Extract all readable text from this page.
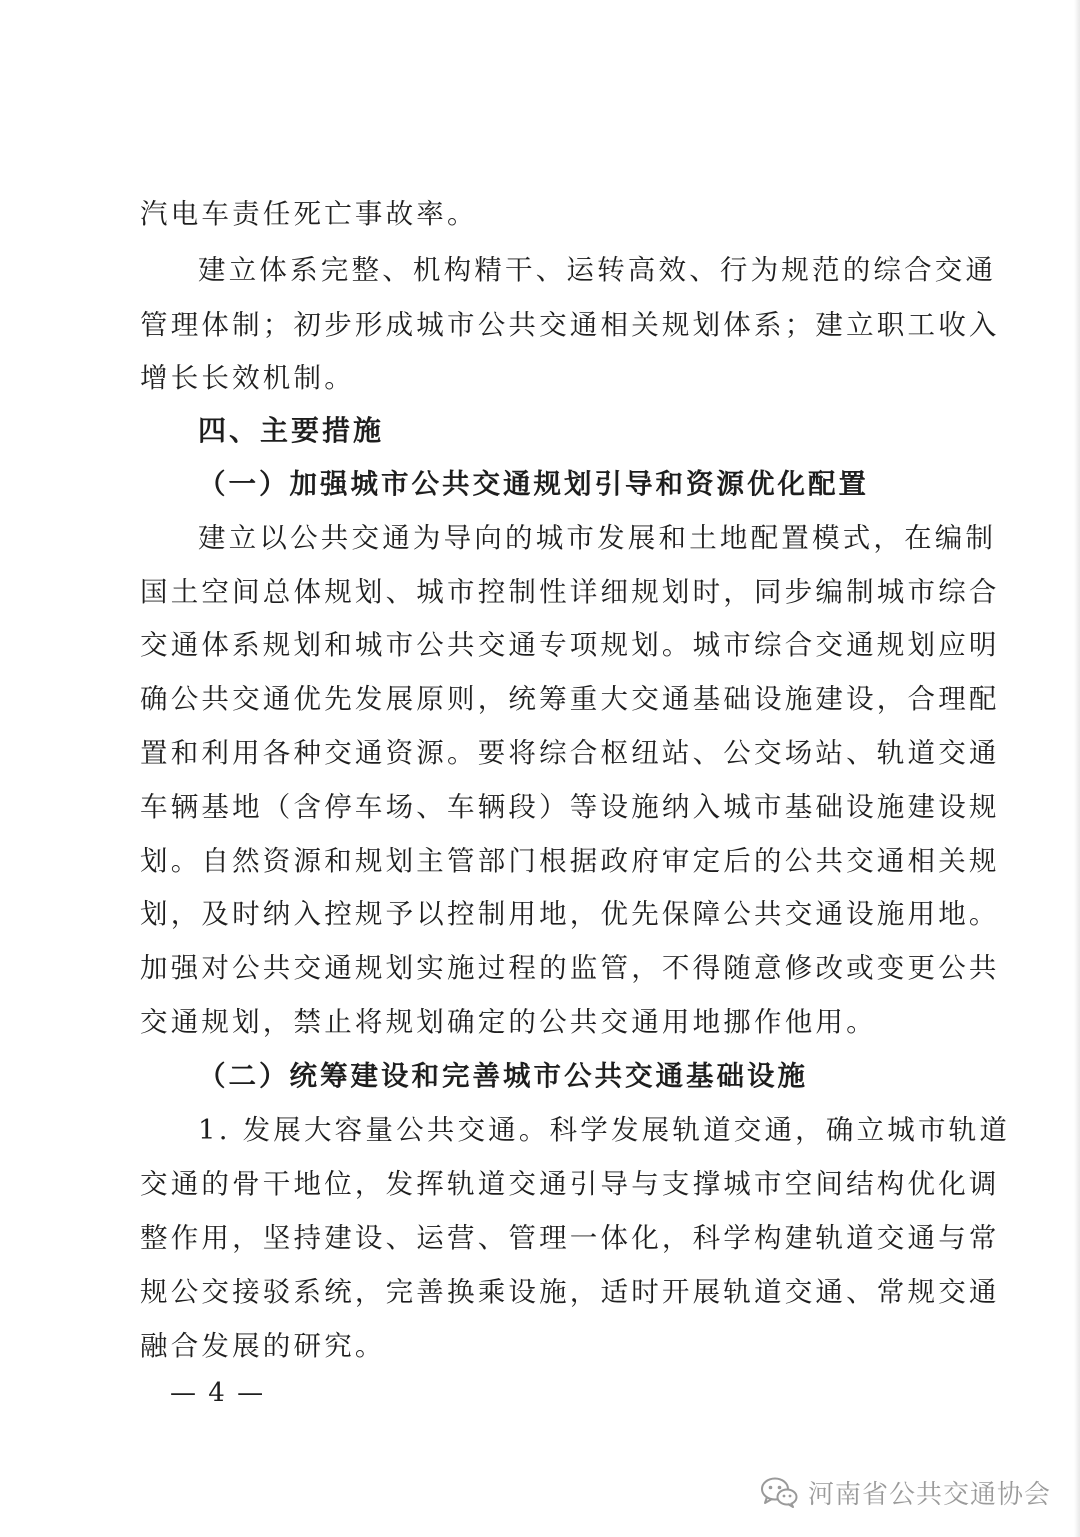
汽电车责任死亡事故率。
建立体系完整、机构精干、运转高效、行为规范的综合交通
管理体制；初步形成城市公共交通相关规划体系；建立职工收入
增长长效机制。
四、主要措施
（一）加强城市公共交通规划引导和资源优化配置
建立以公共交通为导向的城市发展和土地配置模式，在编制
国土空间总体规划、城市控制性详细规划时，同步编制城市综合
交通体系规划和城市公共交通专项规划。城市综合交通规划应明
确公共交通优先发展原则，统筹重大交通基础设施建设，合理配
置和利用各种交通资源。要将综合枢纽站、公交场站、轨道交通
车辆基地（含停车场、车辆段）等设施纳入城市基础设施建设规
划。自然资源和规划主管部门根据政府审定后的公共交通相关规
划，及时纳入控规予以控制用地，优先保障公共交通设施用地。
加强对公共交通规划实施过程的监管，不得随意修改或变更公共
交通规划，禁止将规划确定的公共交通用地挪作他用。
（二）统筹建设和完善城市公共交通基础设施
1. 发展大容量公共交通。科学发展轨道交通，确立城市轨道
交通的骨干地位，发挥轨道交通引导与支撑城市空间结构优化调
整作用，坚持建设、运营、管理一体化，科学构建轨道交通与常
规公交接驳系统，完善换乘设施，适时开展轨道交通、常规交通
融合发展的研究。
— 4 —
河南省公共交通协会
